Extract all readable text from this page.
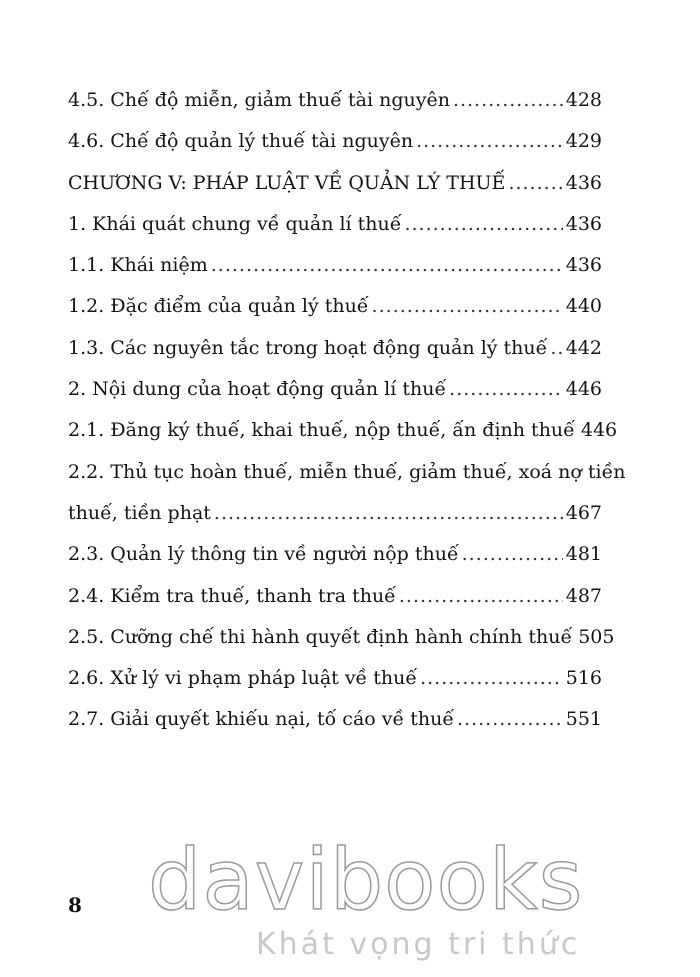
4.5. Chế độ miễn, giảm thuế tài nguyên .....	428
4.6. Chế độ quản lý thuế tài nguyên .....	429
CHƯƠNG V: PHÁP LUẬT VỀ QUẢN LÝ THUẾ .....	436
1. Khái quát chung về quản lí thuế .....	436
1.1. Khái niệm .....	436
1.2. Đặc điểm của quản lý thuế .....	440
1.3. Các nguyên tắc trong hoạt động quản lý thuế ..... 442
2. Nội dung của hoạt động quản lí thuế .....	446
2.1. Đăng ký thuế, khai thuế, nộp thuế, ấn định thuế 446
2.2. Thủ tục hoàn thuế, miễn thuế, giảm thuế, xoá nợ tiền
thuế, tiền phạt .....	467
2.3. Quản lý thông tin về người nộp thuế .....	481
2.4. Kiểm tra thuế, thanh tra thuế .....	487
2.5. Cưỡng chế thi hành quyết định hành chính thuế 505
2.6. Xử lý vi phạm pháp luật về thuế .....	516
2.7. Giải quyết khiếu nại, tố cáo về thuế .....	551
8 davibooks
Khát vọng tri thức
